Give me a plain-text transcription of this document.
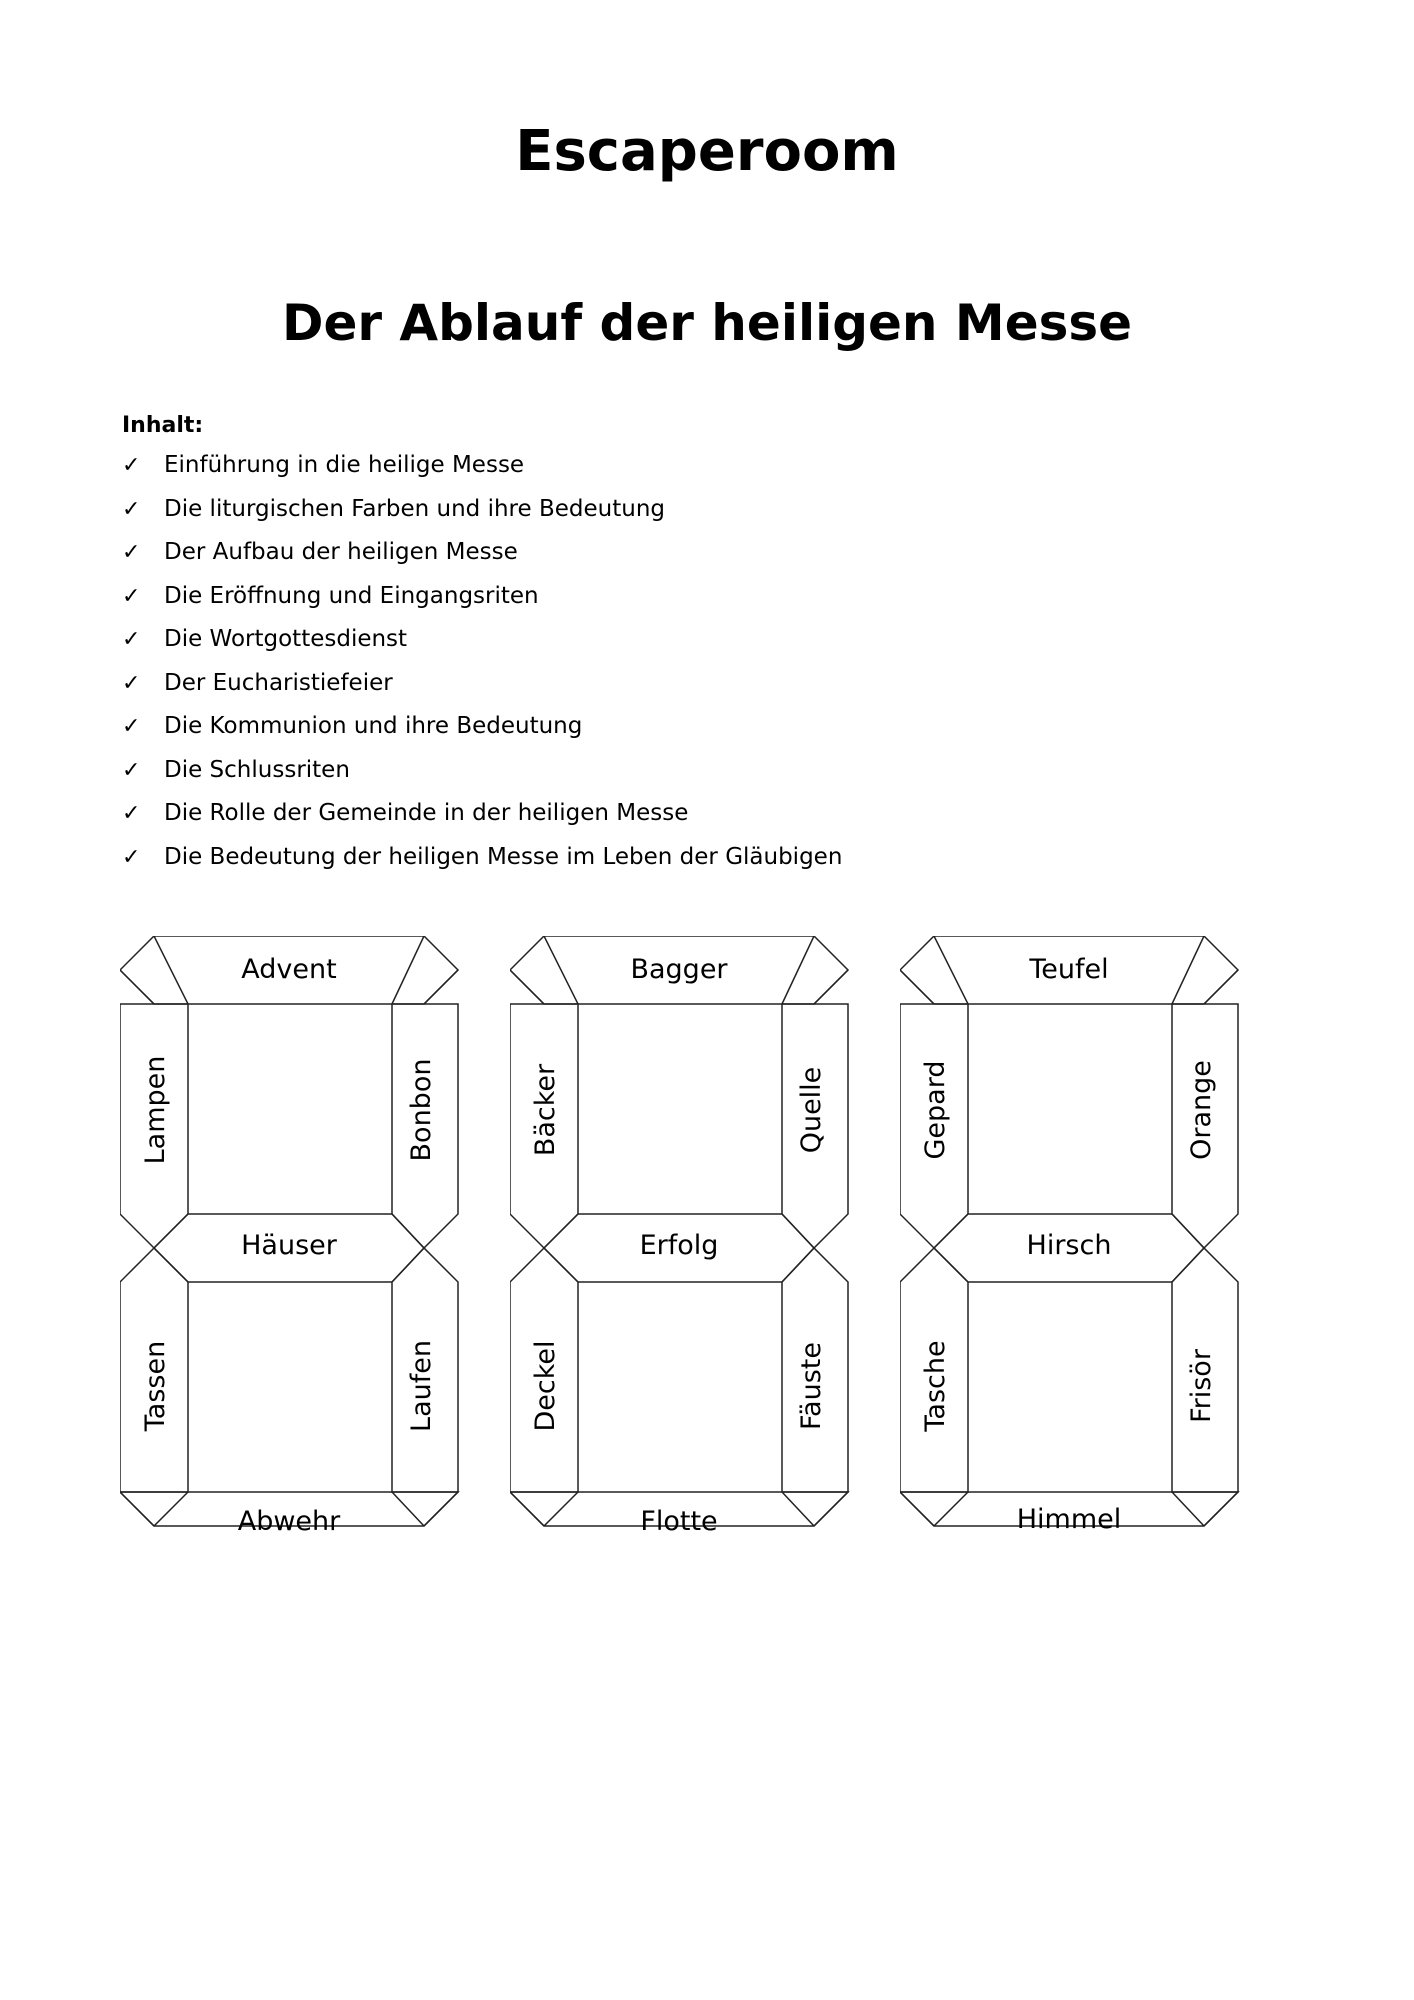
Escaperoom
Der Ablauf der heiligen Messe
Inhalt:
✓ Einführung in die heilige Messe
✓ Die liturgischen Farben und ihre Bedeutung
✓ Der Aufbau der heiligen Messe
✓ Die Eröffnung und Eingangsriten
✓ Die Wortgottesdienst
✓ Der Eucharistiefeier
✓ Die Kommunion und ihre Bedeutung
✓ Die Schlussriten
✓ Die Rolle der Gemeinde in der heiligen Messe
✓ Die Bedeutung der heiligen Messe im Leben der Gläubigen
Advent
Lampen	Bonbon
Häuser
Tassen	Laufen
Abwehr
Bagger
Bäcker	Quelle
Erfolg
Deckel	Fäuste
Flotte
Teufel
Gepard	Orange
Hirsch
Tasche	Frisör
Himmel
